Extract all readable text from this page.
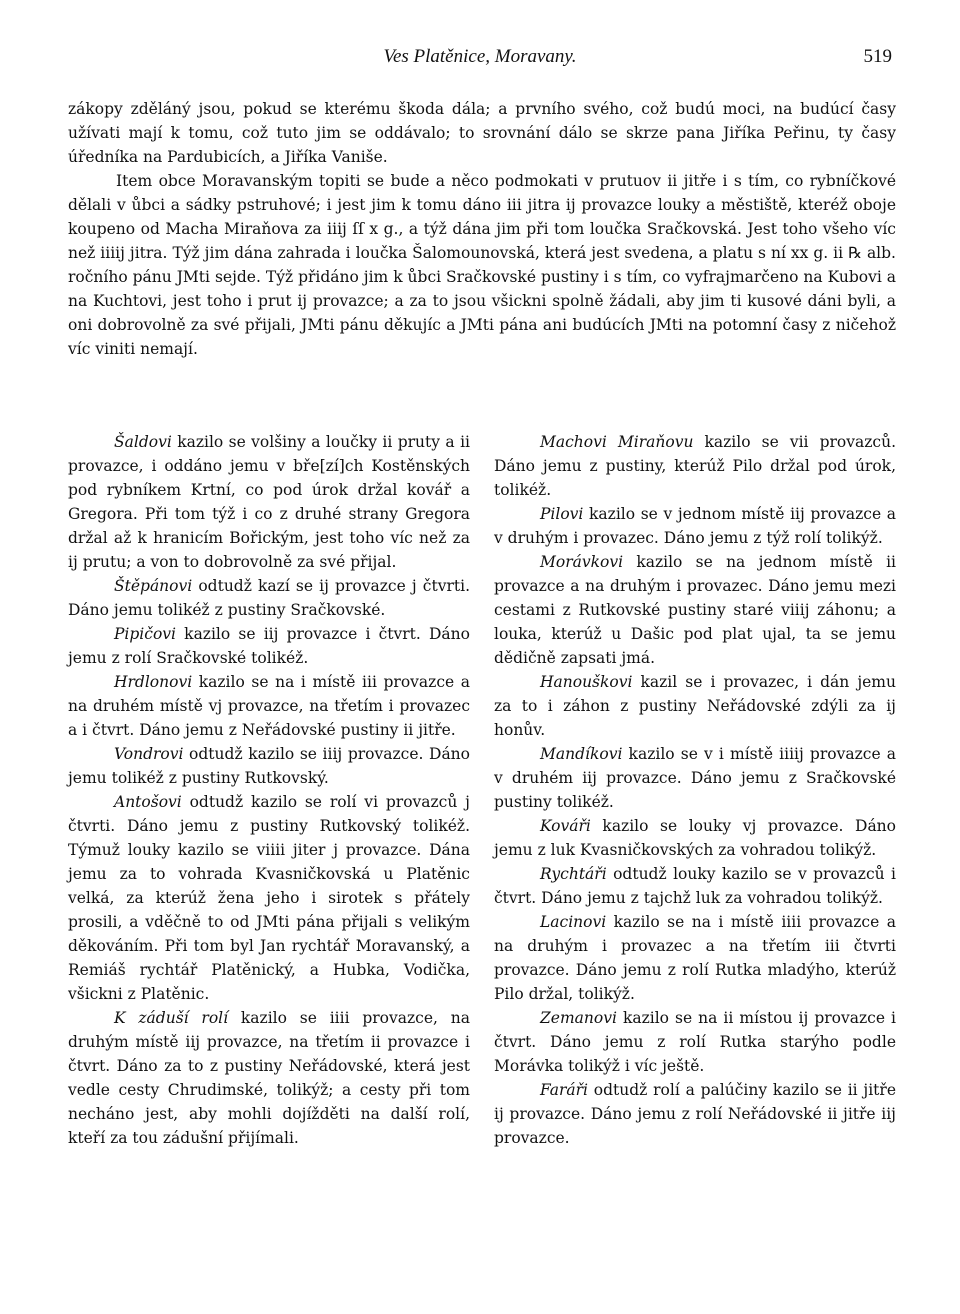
Ves Platěnice, Moravany.	519

zákopy zděláný jsou, pokud se kterému škoda dála; a prvního svého, což budú moci, na budúcí časy užívati mají k tomu, což tuto jim se oddávalo; to srovnání dálo se skrze pana Jiříka Peřinu, ty časy úředníka na Pardubicích, a Jiříka Vaniše.

Item obce Moravanským topiti se bude a něco podmokati v prutuov ii jitře i s tím, co rybníčkové dělali v ůbci a sádky pstruhové; i jest jim k tomu dáno iii jitra ij provazce louky a městiště, kteréž oboje koupeno od Macha Miraňova za iiij ſſ x g., a týž dána jim při tom loučka Sračkovská. Jest toho všeho víc než iiiij jitra. Týž jim dána zahrada i loučka Šalomounovská, která jest svedena, a platu s ní xx g. ii ℞ alb. ročního pánu JMti sejde. Týž přidáno jim k ůbci Sračkovské pustiny i s tím, co vyfrajmarčeno na Kubovi a na Kuchtovi, jest toho i prut ij provazce; a za to jsou všickni spolně žádali, aby jim ti kusové dáni byli, a oni dobrovolně za své přijali, JMti pánu děkujíc a JMti pána ani budúcích JMti na potomní časy z ničehož víc viniti nemají.

Šaldovi kazilo se volšiny a loučky ii pruty a ii provazce, i oddáno jemu v bře[zí]ch Kostěnských pod rybníkem Krtní, co pod úrok držal kovář a Gregora. Při tom týž i co z druhé strany Gregora držal až k hranicím Bořickým, jest toho víc než za ij prutu; a von to dobrovolně za své přijal.

Štěpánovi odtudž kazí se ij provazce j čtvrti. Dáno jemu tolikéž z pustiny Sračkovské.

Pipičovi kazilo se iij provazce i čtvrt. Dáno jemu z rolí Sračkovské tolikéž.

Hrdlonovi kazilo se na i místě iii provazce a na druhém místě vj provazce, na třetím i provazec a i čtvrt. Dáno jemu z Neřádovské pustiny ii jitře.

Vondrovi odtudž kazilo se iiij provazce. Dáno jemu tolikéž z pustiny Rutkovský.

Antošovi odtudž kazilo se rolí vi provazců j čtvrti. Dáno jemu z pustiny Rutkovský tolikéž. Týmuž louky kazilo se viiii jiter j provazce. Dána jemu za to vohrada Kvasničkovská u Platěnic velká, za kterúž žena jeho i sirotek s přátely prosili, a vděčně to od JMti pána přijali s velikým děkováním. Při tom byl Jan rychtář Moravanský, a Remiáš rychtář Platěnický, a Hubka, Vodička, všickni z Platěnic.

K záduší rolí kazilo se iiii provazce, na druhým místě iij provazce, na třetím ii provazce i čtvrt. Dáno za to z pustiny Neřádovské, která jest vedle cesty Chrudimské, tolikýž; a cesty při tom necháno jest, aby mohli dojížděti na další rolí, kteří za tou zádušní přijímali.

Machovi Miraňovu kazilo se vii provazců. Dáno jemu z pustiny, kterúž Pilo držal pod úrok, tolikéž.

Pilovi kazilo se v jednom místě iij provazce a v druhým i provazec. Dáno jemu z týž rolí tolikýž.

Morávkovi kazilo se na jednom místě ii provazce a na druhým i provazec. Dáno jemu mezi cestami z Rutkovské pustiny staré viiij záhonu; a louka, kterúž u Dašic pod plat ujal, ta se jemu dědičně zapsati jmá.

Hanouškovi kazil se i provazec, i dán jemu za to i záhon z pustiny Neřádovské zdýli za ij honův.

Mandíkovi kazilo se v i místě iiiij provazce a v druhém iij provazce. Dáno jemu z Sračkovské pustiny tolikéž.

Kováři kazilo se louky vj provazce. Dáno jemu z luk Kvasničkovských za vohradou tolikýž.

Rychtáři odtudž louky kazilo se v provazců i čtvrt. Dáno jemu z tajchž luk za vohradou tolikýž.

Lacinovi kazilo se na i místě iiii provazce a na druhým i provazec a na třetím iii čtvrti provazce. Dáno jemu z rolí Rutka mladýho, kterúž Pilo držal, tolikýž.

Zemanovi kazilo se na ii místou ij provazce i čtvrt. Dáno jemu z rolí Rutka starýho podle Morávka tolikýž i víc ještě.

Faráři odtudž rolí a palúčiny kazilo se ii jitře ij provazce. Dáno jemu z rolí Neřádovské ii jitře iij provazce.
